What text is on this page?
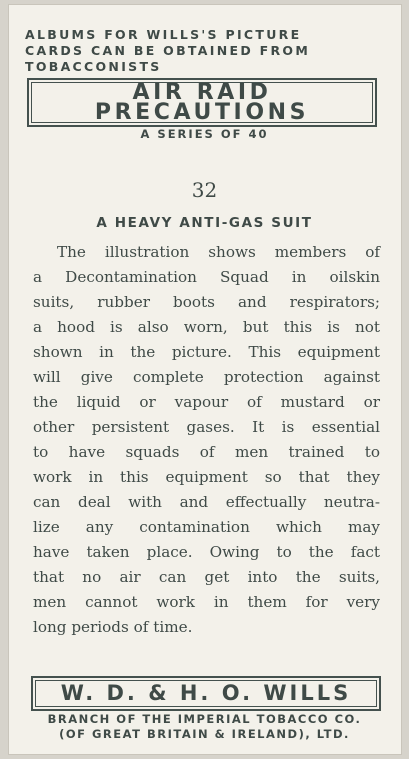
ALBUMS FOR WILLS'S PICTURE
CARDS CAN BE OBTAINED FROM
TOBACCONISTS
AIR RAID
PRECAUTIONS
A SERIES OF 40
32
A HEAVY ANTI-GAS SUIT
The illustration shows members of
a Decontamination Squad in oilskin
suits, rubber boots and respirators;
a hood is also worn, but this is not
shown in the picture. This equipment
will give complete protection against
the liquid or vapour of mustard or
other persistent gases. It is essential
to have squads of men trained to
work in this equipment so that they
can deal with and effectually neutra-
lize any contamination which may
have taken place. Owing to the fact
that no air can get into the suits,
men cannot work in them for very
long periods of time.
W. D. & H. O. WILLS
BRANCH OF THE IMPERIAL TOBACCO CO.
(OF GREAT BRITAIN & IRELAND), LTD.
